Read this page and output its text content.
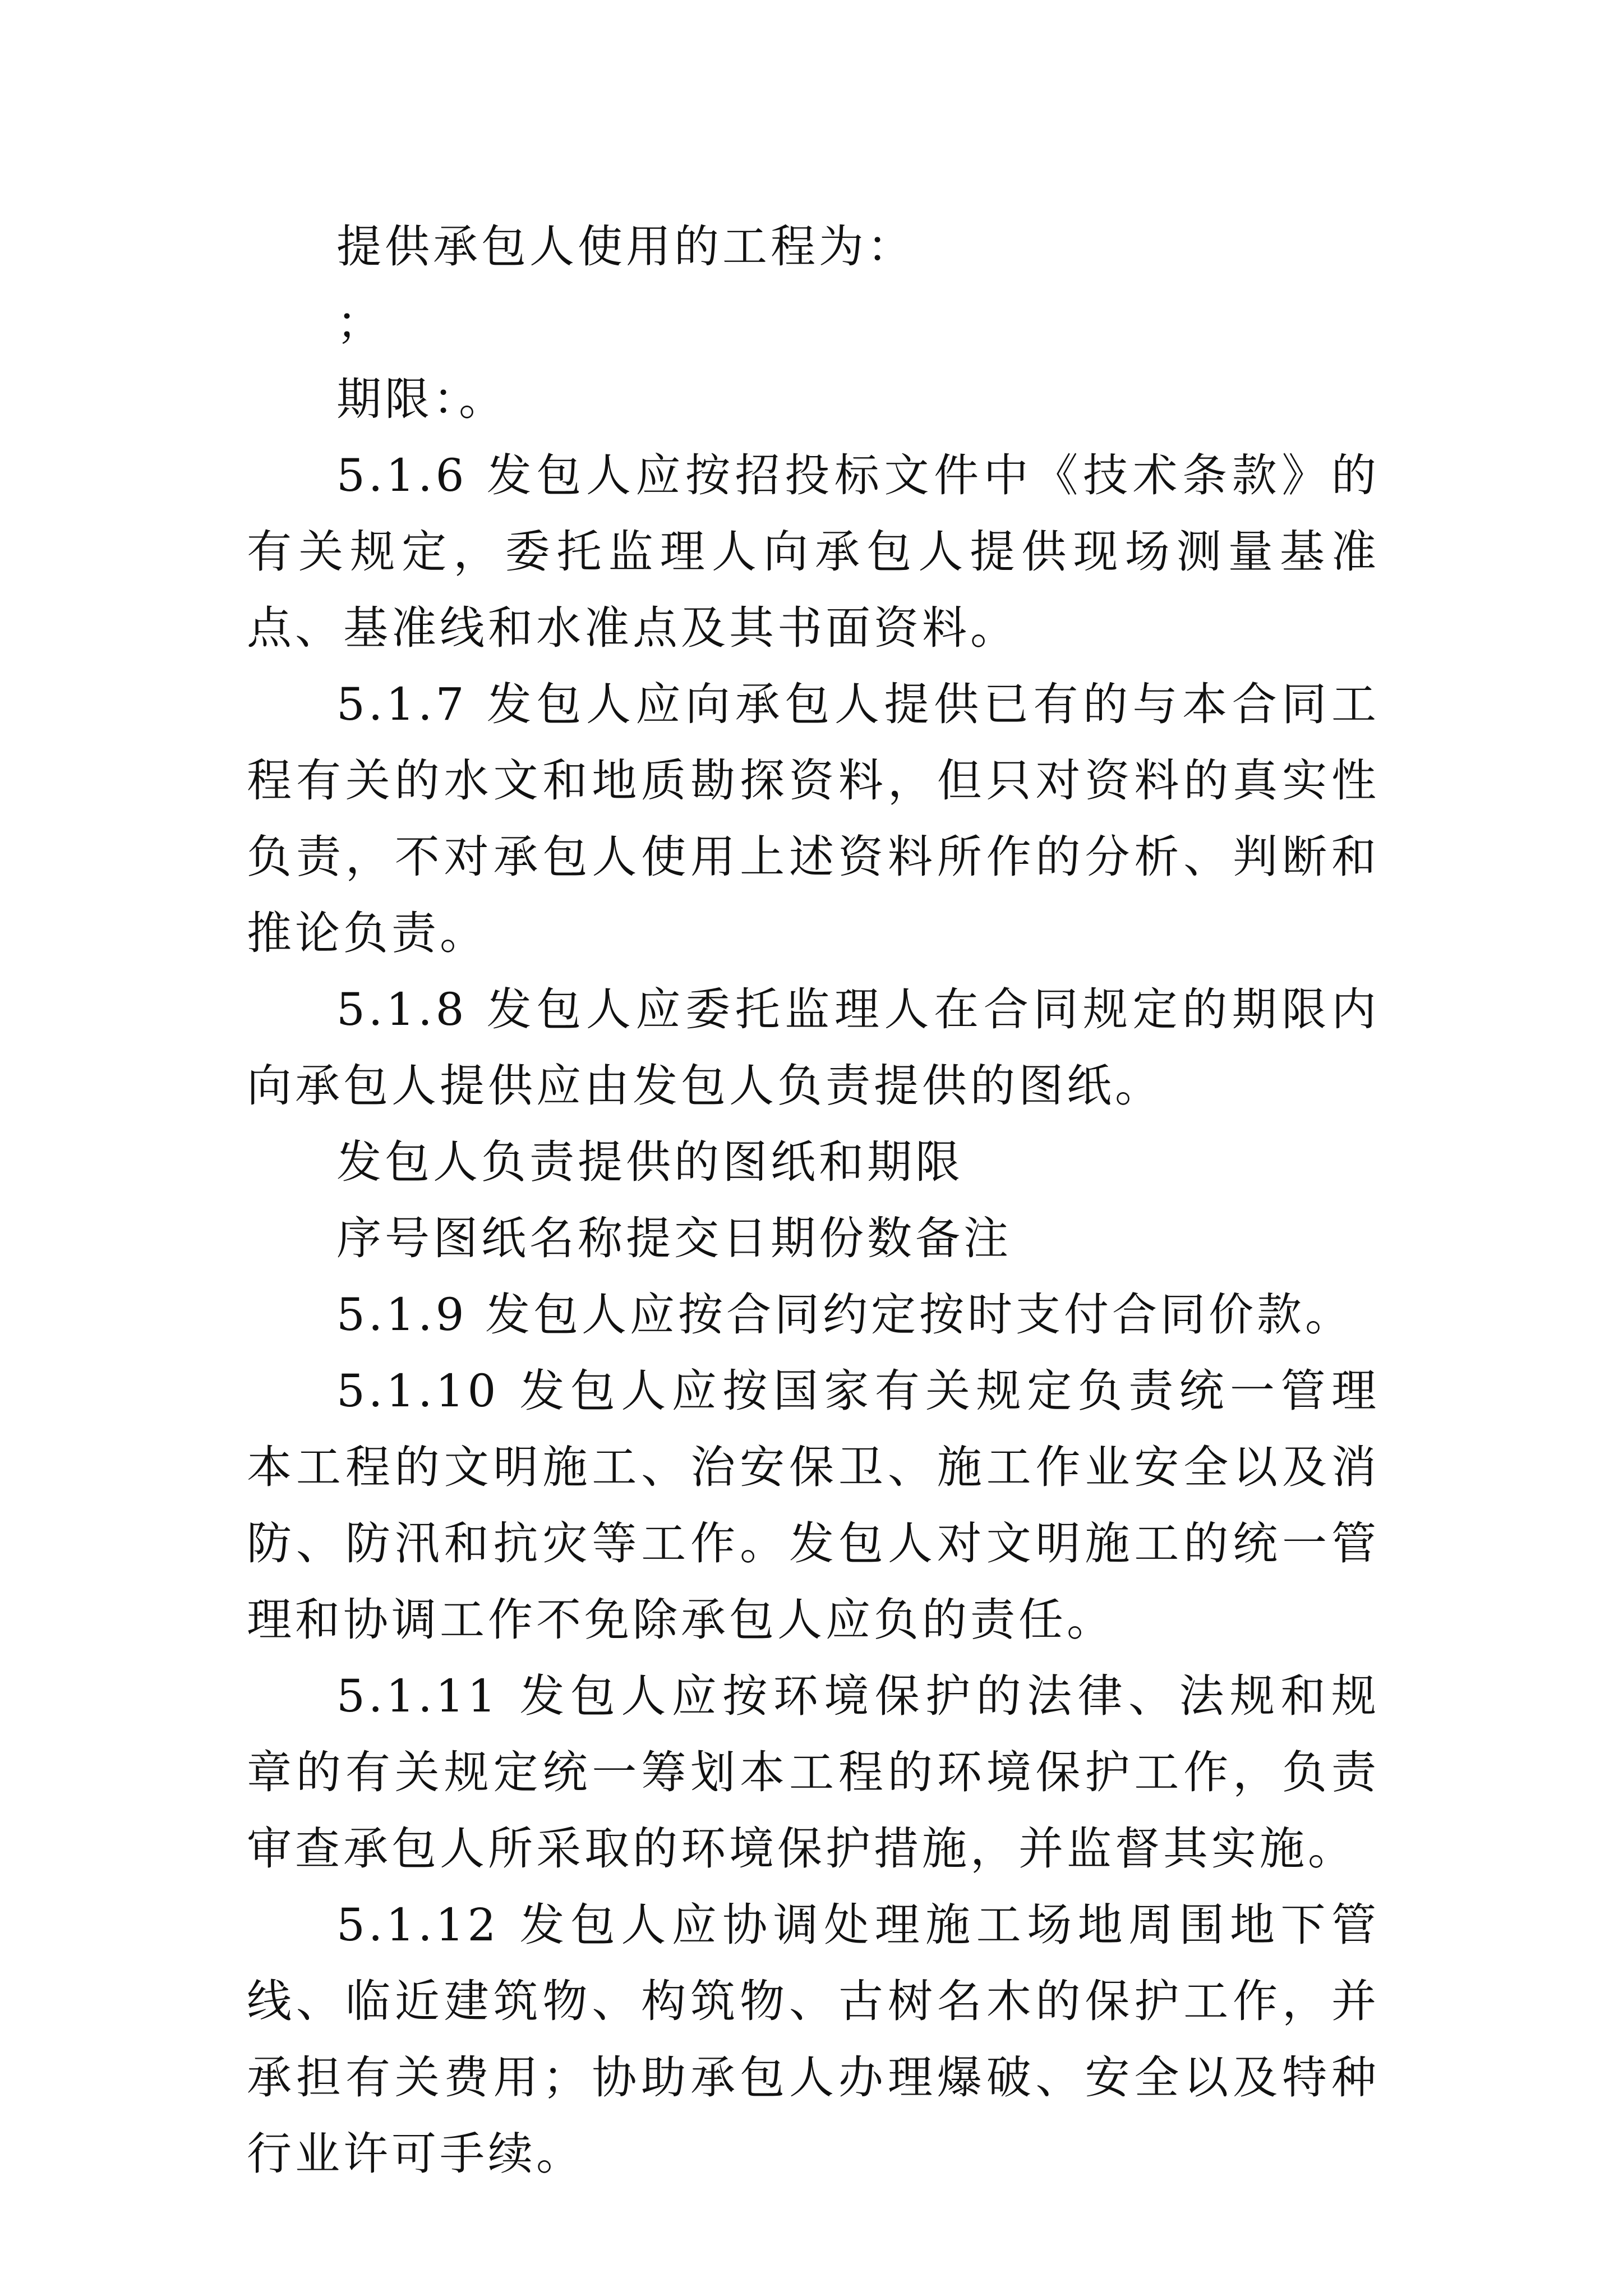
提供承包人使用的工程为：

；

期限：。

5.1.6 发包人应按招投标文件中《技术条款》的有关规定，委托监理人向承包人提供现场测量基准点、基准线和水准点及其书面资料。

5.1.7 发包人应向承包人提供已有的与本合同工程有关的水文和地质勘探资料，但只对资料的真实性负责，不对承包人使用上述资料所作的分析、判断和推论负责。

5.1.8 发包人应委托监理人在合同规定的期限内向承包人提供应由发包人负责提供的图纸。

发包人负责提供的图纸和期限

序号图纸名称提交日期份数备注

5.1.9 发包人应按合同约定按时支付合同价款。

5.1.10 发包人应按国家有关规定负责统一管理本工程的文明施工、治安保卫、施工作业安全以及消防、防汛和抗灾等工作。发包人对文明施工的统一管理和协调工作不免除承包人应负的责任。

5.1.11 发包人应按环境保护的法律、法规和规章的有关规定统一筹划本工程的环境保护工作，负责审查承包人所采取的环境保护措施，并监督其实施。

5.1.12 发包人应协调处理施工场地周围地下管线、临近建筑物、构筑物、古树名木的保护工作，并承担有关费用；协助承包人办理爆破、安全以及特种行业许可手续。
